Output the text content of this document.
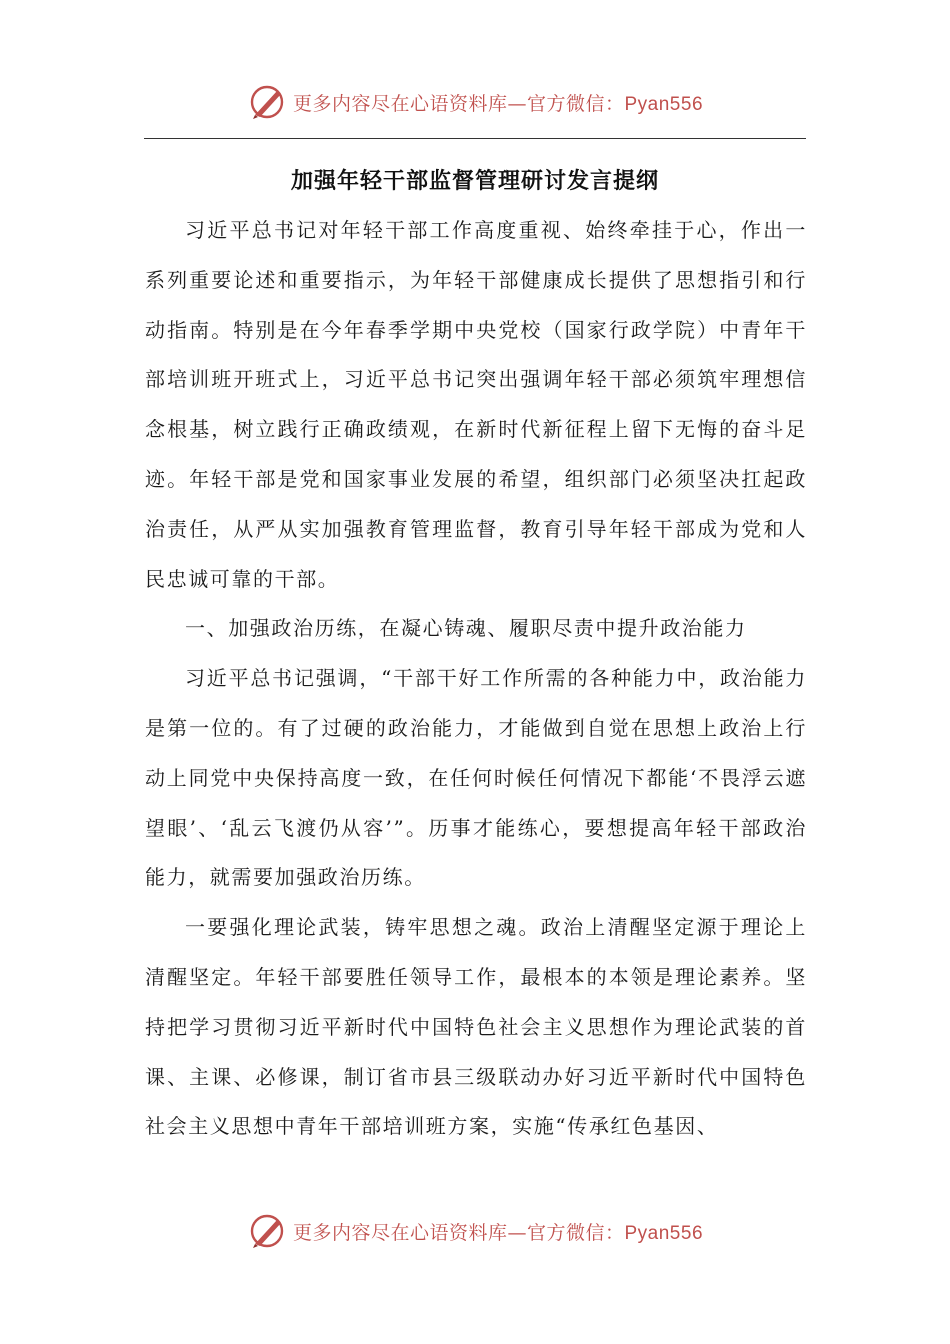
更多内容尽在心语资料库—官方微信：Pyan556
加强年轻干部监督管理研讨发言提纲

习近平总书记对年轻干部工作高度重视、始终牵挂于心，作出一系列重要论述和重要指示，为年轻干部健康成长提供了思想指引和行动指南。特别是在今年春季学期中央党校（国家行政学院）中青年干部培训班开班式上，习近平总书记突出强调年轻干部必须筑牢理想信念根基，树立践行正确政绩观，在新时代新征程上留下无悔的奋斗足迹。年轻干部是党和国家事业发展的希望，组织部门必须坚决扛起政治责任，从严从实加强教育管理监督，教育引导年轻干部成为党和人民忠诚可靠的干部。

一、加强政治历练，在凝心铸魂、履职尽责中提升政治能力

习近平总书记强调，“干部干好工作所需的各种能力中，政治能力是第一位的。有了过硬的政治能力，才能做到自觉在思想上政治上行动上同党中央保持高度一致，在任何时候任何情况下都能‘不畏浮云遮望眼’、‘乱云飞渡仍从容’”。历事才能练心，要想提高年轻干部政治能力，就需要加强政治历练。

一要强化理论武装，铸牢思想之魂。政治上清醒坚定源于理论上清醒坚定。年轻干部要胜任领导工作，最根本的本领是理论素养。坚持把学习贯彻习近平新时代中国特色社会主义思想作为理论武装的首课、主课、必修课，制订省市县三级联动办好习近平新时代中国特色社会主义思想中青年干部培训班方案，实施“传承红色基因、

更多内容尽在心语资料库—官方微信：Pyan556
